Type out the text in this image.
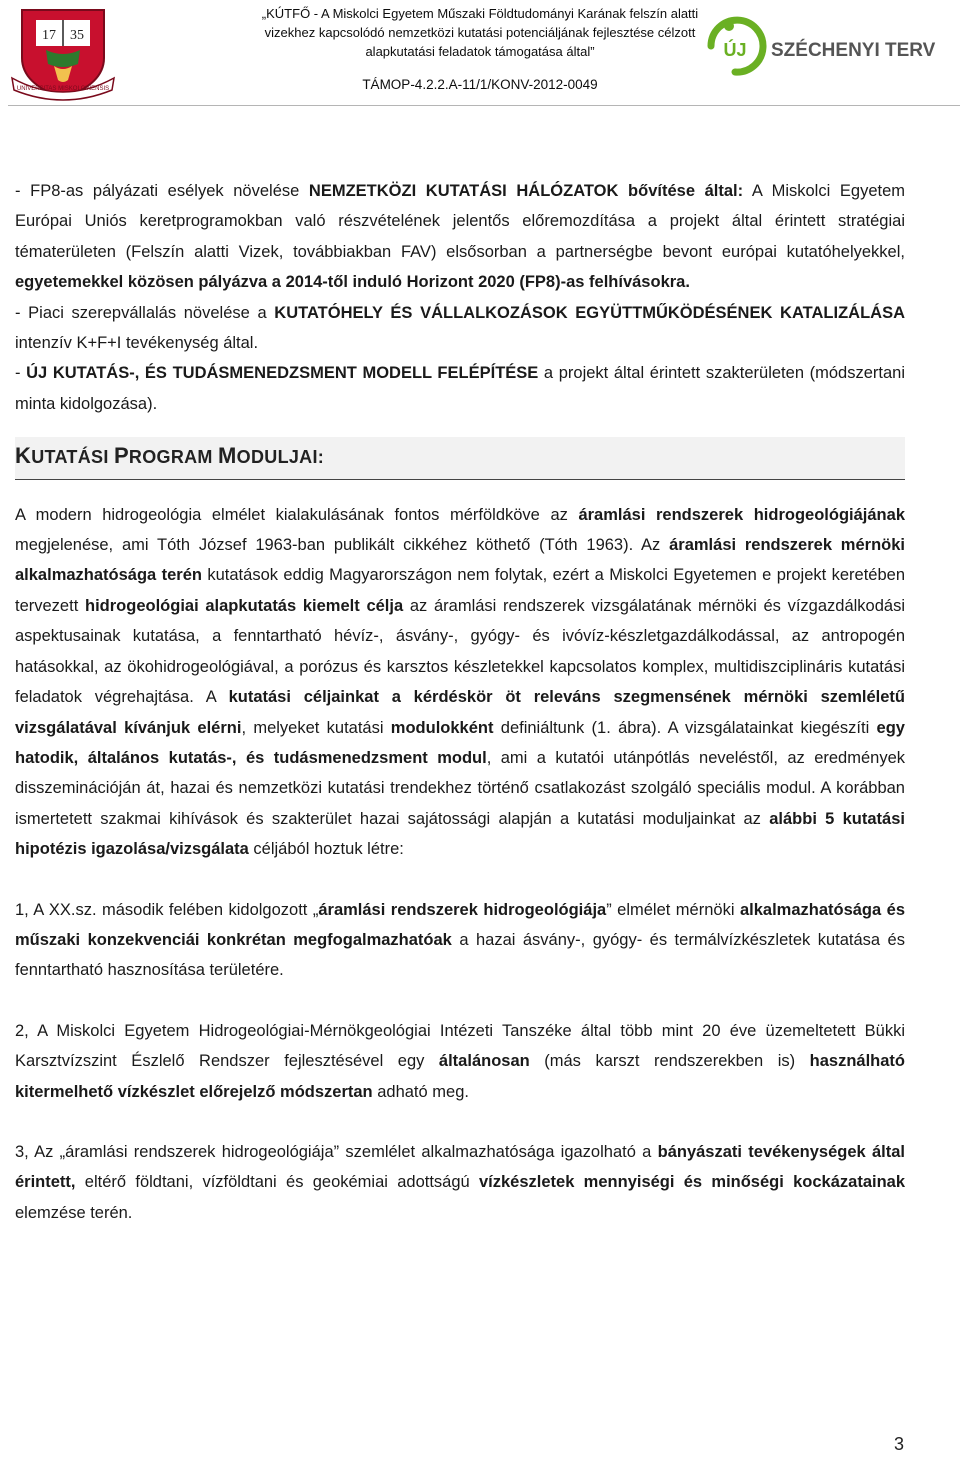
17 35
UNIVERSITAS MISKOLCINENSIS
„KÚTFŐ - A Miskolci Egyetem Műszaki Földtudományi Karának felszín alatti
vizekhez kapcsolódó nemzetközi kutatási potenciáljának fejlesztése célzott
alapkutatási feladatok támogatása által”
TÁMOP-4.2.2.A-11/1/KONV-2012-0049
ÚJ SZÉCHENYI TERV

- FP8-as pályázati esélyek növelése NEMZETKÖZI KUTATÁSI HÁLÓZATOK bővítése által: A Miskolci Egyetem Európai Uniós keretprogramokban való részvételének jelentős előremozdítása a projekt által érintett stratégiai tématerületen (Felszín alatti Vizek, továbbiakban FAV) elsősorban a partnerségbe bevont európai kutatóhelyekkel, egyetemekkel közösen pályázva a 2014-től induló Horizont 2020 (FP8)-as felhívásokra.

- Piaci szerepvállalás növelése a KUTATÓHELY ÉS VÁLLALKOZÁSOK EGYÜTTMŰKÖDÉSÉNEK KATALIZÁLÁSA intenzív K+F+I tevékenység által.

- ÚJ KUTATÁS-, ÉS TUDÁSMENEDZSMENT MODELL FELÉPÍTÉSE a projekt által érintett szakterületen (módszertani minta kidolgozása).

KUTATÁSI PROGRAM MODULJAI:

A modern hidrogeológia elmélet kialakulásának fontos mérföldköve az áramlási rendszerek hidrogeológiájának megjelenése, ami Tóth József 1963-ban publikált cikkéhez köthető (Tóth 1963). Az áramlási rendszerek mérnöki alkalmazhatósága terén kutatások eddig Magyarországon nem folytak, ezért a Miskolci Egyetemen e projekt keretében tervezett hidrogeológiai alapkutatás kiemelt célja az áramlási rendszerek vizsgálatának mérnöki és vízgazdálkodási aspektusainak kutatása, a fenntartható hévíz-, ásvány-, gyógy- és ivóvíz-készletgazdálkodással, az antropogén hatásokkal, az ökohidrogeológiával, a porózus és karsztos készletekkel kapcsolatos komplex, multidiszciplináris kutatási feladatok végrehajtása. A kutatási céljainkat a kérdéskör öt releváns szegmensének mérnöki szemléletű vizsgálatával kívánjuk elérni, melyeket kutatási modulokként definiáltunk (1. ábra). A vizsgálatainkat kiegészíti egy hatodik, általános kutatás-, és tudásmenedzsment modul, ami a kutatói utánpótlás neveléstől, az eredmények disszeminációján át, hazai és nemzetközi kutatási trendekhez történő csatlakozást szolgáló speciális modul. A korábban ismertetett szakmai kihívások és szakterület hazai sajátossági alapján a kutatási moduljainkat az alábbi 5 kutatási hipotézis igazolása/vizsgálata céljából hoztuk létre:

1, A XX.sz. második felében kidolgozott „áramlási rendszerek hidrogeológiája” elmélet mérnöki alkalmazhatósága és műszaki konzekvenciái konkrétan megfogalmazhatóak a hazai ásvány-, gyógy- és termálvízkészletek kutatása és fenntartható hasznosítása területére.

2, A Miskolci Egyetem Hidrogeológiai-Mérnökgeológiai Intézeti Tanszéke által több mint 20 éve üzemeltetett Bükki Karsztvízszint Észlelő Rendszer fejlesztésével egy általánosan (más karszt rendszerekben is) használható kitermelhető vízkészlet előrejelző módszertan adható meg.

3, Az „áramlási rendszerek hidrogeológiája” szemlélet alkalmazhatósága igazolható a bányászati tevékenységek által érintett, eltérő földtani, vízföldtani és geokémiai adottságú vízkészletek mennyiségi és minőségi kockázatainak elemzése terén.

3
